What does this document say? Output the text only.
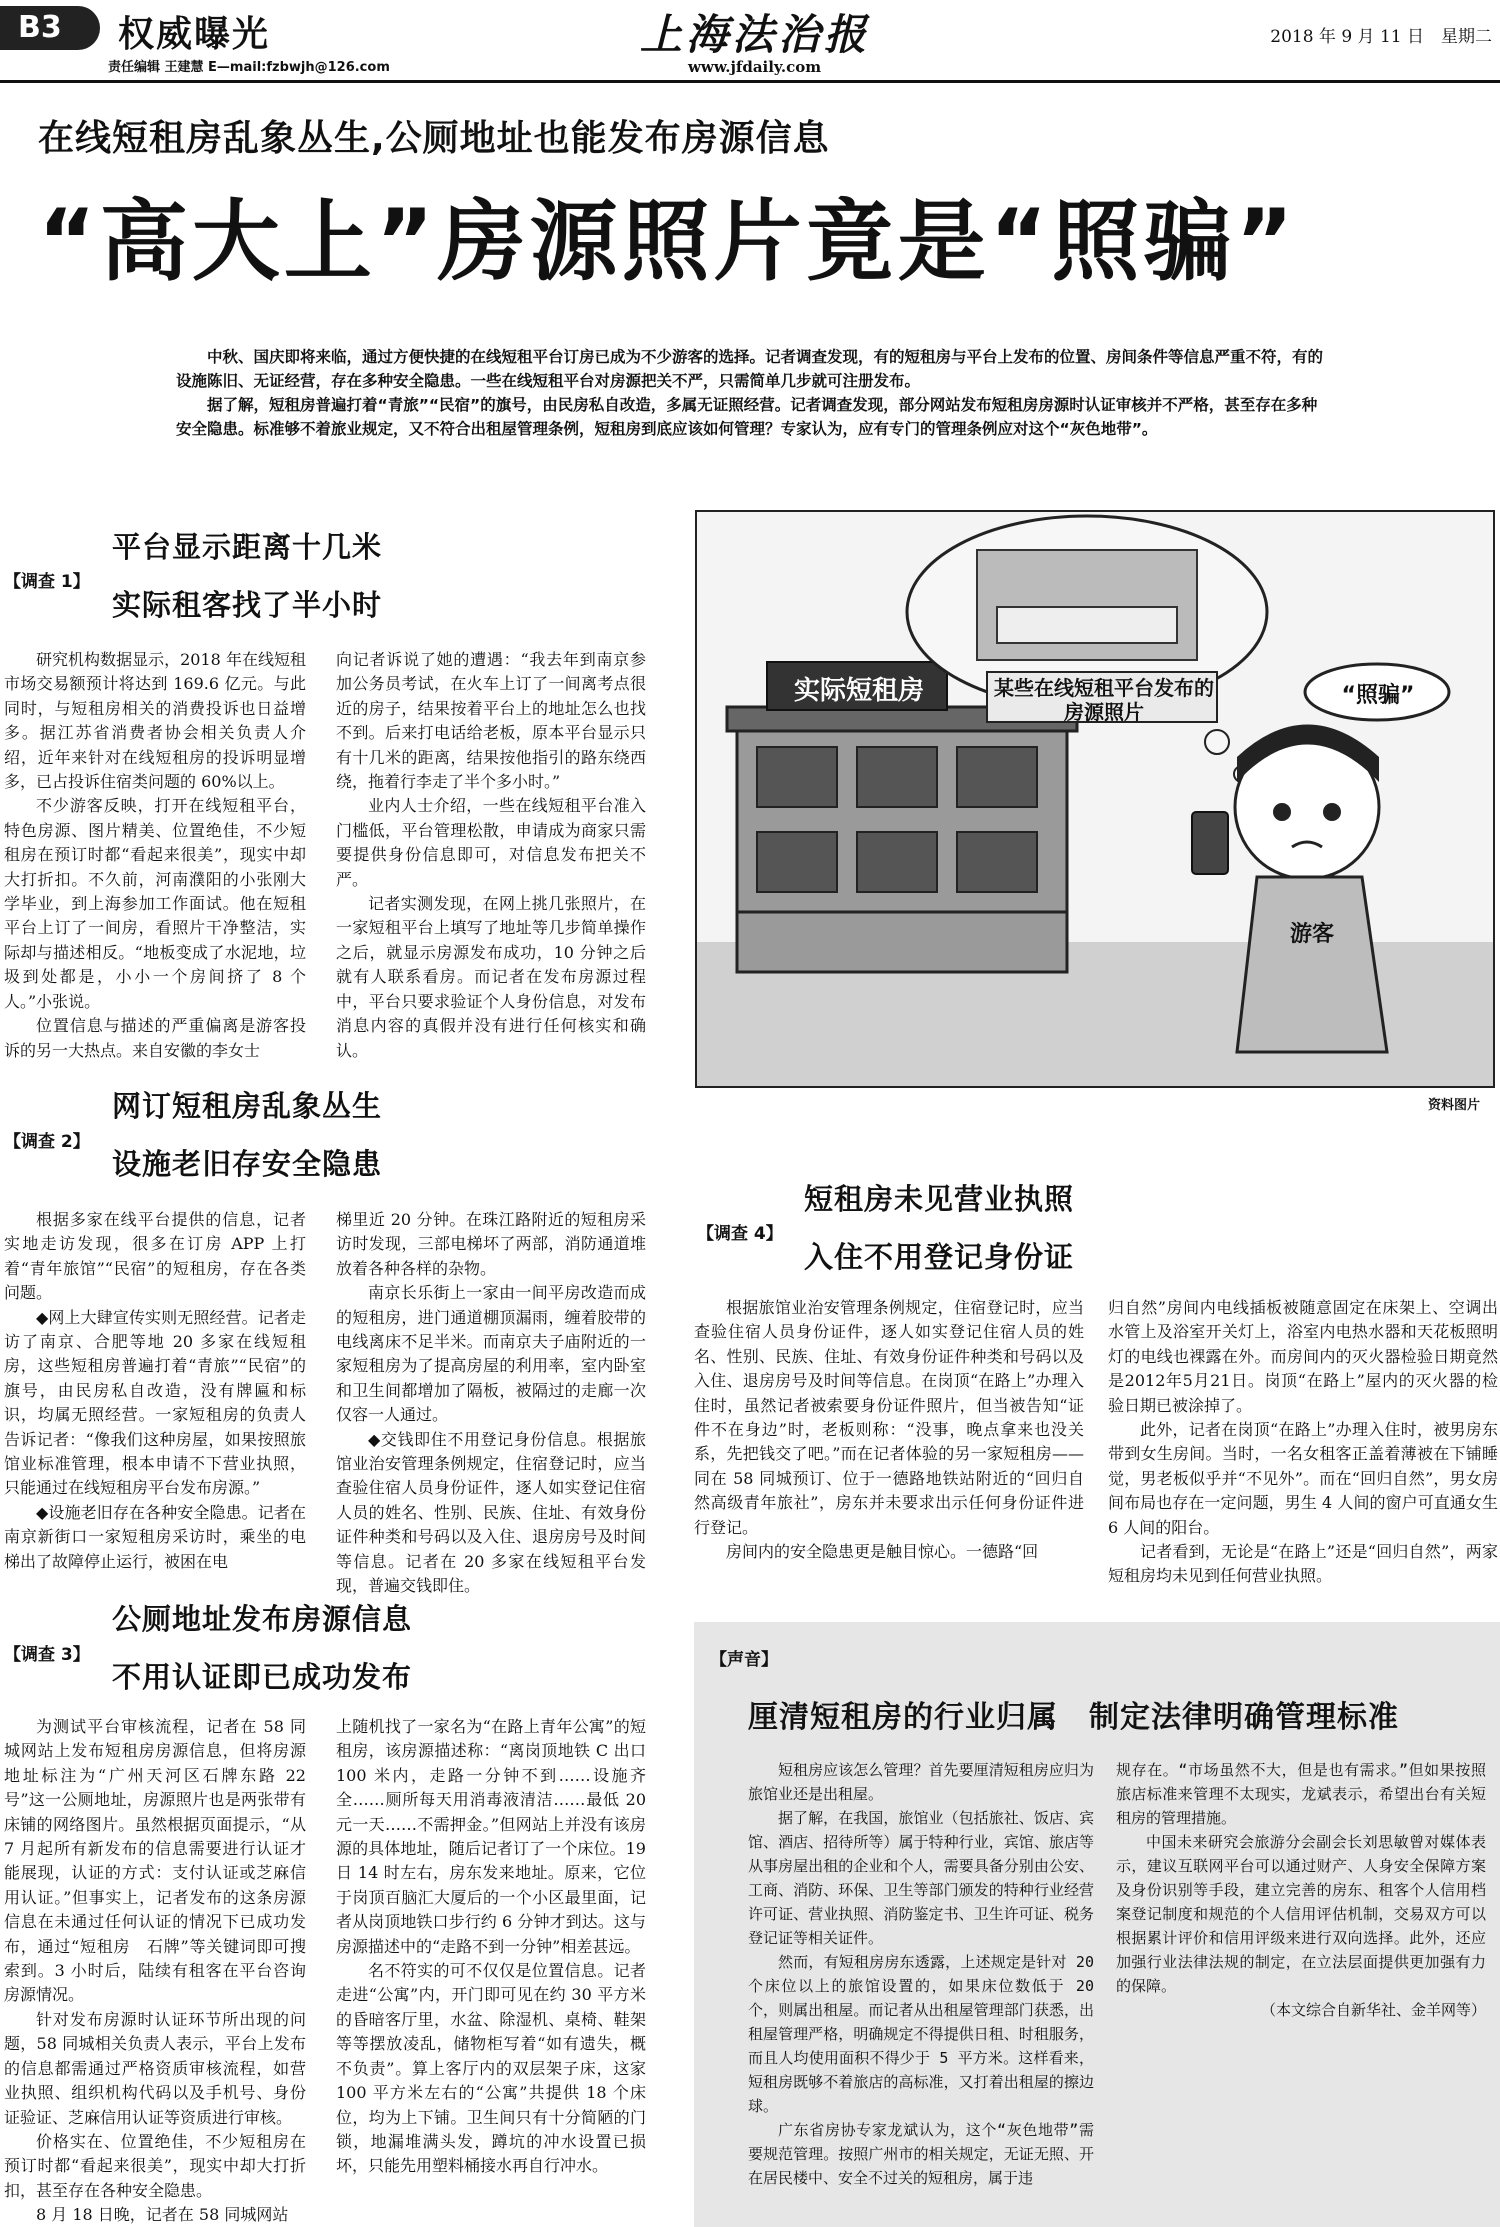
B3	权威曝光
责任编辑 王建慧 E—mail:fzbwjh@126.com
上海法治报
www.jfdaily.com
2018 年 9 月 11 日　星期二
在线短租房乱象丛生,公厕地址也能发布房源信息
“高大上”房源照片竟是“照骗”

中秋、国庆即将来临，通过方便快捷的在线短租平台订房已成为不少游客的选择。记者调查发现，有的短租房与平台上发布的位置、房间条件等信息严重不符，有的设施陈旧、无证经营，存在多种安全隐患。一些在线短租平台对房源把关不严，只需简单几步就可注册发布。

据了解，短租房普遍打着“青旅”“民宿”的旗号，由民房私自改造，多属无证照经营。记者调查发现，部分网站发布短租房房源时认证审核并不严格，甚至存在多种安全隐患。标准够不着旅业规定，又不符合出租屋管理条例，短租房到底应该如何管理？专家认为，应有专门的管理条例应对这个“灰色地带”。

【调查 1】
平台显示距离十几米
实际租客找了半小时

研究机构数据显示，2018 年在线短租市场交易额预计将达到 169.6 亿元。与此同时，与短租房相关的消费投诉也日益增多。据江苏省消费者协会相关负责人介绍，近年来针对在线短租房的投诉明显增多，已占投诉住宿类问题的 60%以上。

不少游客反映，打开在线短租平台，特色房源、图片精美、位置绝佳，不少短租房在预订时都“看起来很美”，现实中却大打折扣。不久前，河南濮阳的小张刚大学毕业，到上海参加工作面试。他在短租平台上订了一间房，看照片干净整洁，实际却与描述相反。“地板变成了水泥地，垃圾到处都是，小小一个房间挤了 8 个人。”小张说。

位置信息与描述的严重偏离是游客投诉的另一大热点。来自安徽的李女士

向记者诉说了她的遭遇：“我去年到南京参加公务员考试，在火车上订了一间离考点很近的房子，结果按着平台上的地址怎么也找不到。后来打电话给老板，原本平台显示只有十几米的距离，结果按他指引的路东绕西绕，拖着行李走了半个多小时。”

业内人士介绍，一些在线短租平台准入门槛低，平台管理松散，申请成为商家只需要提供身份信息即可，对信息发布把关不严。

记者实测发现，在网上挑几张照片，在一家短租平台上填写了地址等几步简单操作之后，就显示房源发布成功，10 分钟之后就有人联系看房。而记者在发布房源过程中，平台只要求验证个人身份信息，对发布消息内容的真假并没有进行任何核实和确认。

【调查 2】
网订短租房乱象丛生
设施老旧存安全隐患

根据多家在线平台提供的信息，记者实地走访发现，很多在订房 APP 上打着“青年旅馆”“民宿”的短租房，存在各类问题。

◆网上大肆宣传实则无照经营。记者走访了南京、合肥等地 20 多家在线短租房，这些短租房普遍打着“青旅”“民宿”的旗号，由民房私自改造，没有牌匾和标识，均属无照经营。一家短租房的负责人告诉记者：“像我们这种房屋，如果按照旅馆业标准管理，根本申请不下营业执照，只能通过在线短租房平台发布房源。”

◆设施老旧存在各种安全隐患。记者在南京新街口一家短租房采访时，乘坐的电梯出了故障停止运行，被困在电

梯里近 20 分钟。在珠江路附近的短租房采访时发现，三部电梯坏了两部，消防通道堆放着各种各样的杂物。

南京长乐街上一家由一间平房改造而成的短租房，进门通道棚顶漏雨，缠着胶带的电线离床不足半米。而南京夫子庙附近的一家短租房为了提高房屋的利用率，室内卧室和卫生间都增加了隔板，被隔过的走廊一次仅容一人通过。

◆交钱即住不用登记身份信息。根据旅馆业治安管理条例规定，住宿登记时，应当查验住宿人员身份证件，逐人如实登记住宿人员的姓名、性别、民族、住址、有效身份证件种类和号码以及入住、退房房号及时间等信息。记者在 20 多家在线短租平台发现，普遍交钱即住。

【调查 3】
公厕地址发布房源信息
不用认证即已成功发布

为测试平台审核流程，记者在 58 同城网站上发布短租房房源信息，但将房源地址标注为“广州天河区石牌东路 22 号”这一公厕地址，房源照片也是两张带有床铺的网络图片。虽然根据页面提示，“从 7 月起所有新发布的信息需要进行认证才能展现，认证的方式：支付认证或芝麻信用认证。”但事实上，记者发布的这条房源信息在未通过任何认证的情况下已成功发布，通过“短租房　石牌”等关键词即可搜索到。3 小时后，陆续有租客在平台咨询房源情况。

针对发布房源时认证环节所出现的问题，58 同城相关负责人表示，平台上发布的信息都需通过严格资质审核流程，如营业执照、组织机构代码以及手机号、身份证验证、芝麻信用认证等资质进行审核。

价格实在、位置绝佳，不少短租房在预订时都“看起来很美”，现实中却大打折扣，甚至存在各种安全隐患。

8 月 18 日晚，记者在 58 同城网站

上随机找了一家名为“在路上青年公寓”的短租房，该房源描述称：“离岗顶地铁 C 出口 100 米内，走路一分钟不到……设施齐全……厕所每天用消毒液清洁……最低 20 元一天……不需押金。”但网站上并没有该房源的具体地址，随后记者订了一个床位。19 日 14 时左右，房东发来地址。原来，它位于岗顶百脑汇大厦后的一个小区最里面，记者从岗顶地铁口步行约 6 分钟才到达。这与房源描述中的“走路不到一分钟”相差甚远。

名不符实的可不仅仅是位置信息。记者走进“公寓”内，开门即可见在约 30 平方米的昏暗客厅里，水盆、除湿机、桌椅、鞋架等等摆放凌乱，储物柜写着“如有遗失，概不负责”。算上客厅内的双层架子床，这家 100 平方米左右的“公寓”共提供 18 个床位，均为上下铺。卫生间只有十分简陋的门锁，地漏堆满头发，蹲坑的冲水设置已损坏，只能先用塑料桶接水再自行冲水。

某些在线短租平台发布的房源照片
实际短租房	“照骗”
游客
资料图片
【调查 4】
短租房未见营业执照
入住不用登记身份证

根据旅馆业治安管理条例规定，住宿登记时，应当查验住宿人员身份证件，逐人如实登记住宿人员的姓名、性别、民族、住址、有效身份证件种类和号码以及入住、退房房号及时间等信息。在岗顶“在路上”办理入住时，虽然记者被索要身份证件照片，但当被告知“证件不在身边”时，老板则称：“没事，晚点拿来也没关系，先把钱交了吧。”而在记者体验的另一家短租房——同在 58 同城预订、位于一德路地铁站附近的“回归自然高级青年旅社”，房东并未要求出示任何身份证件进行登记。

房间内的安全隐患更是触目惊心。一德路“回

归自然”房间内电线插板被随意固定在床架上、空调出水管上及浴室开关灯上，浴室内电热水器和天花板照明灯的电线也裸露在外。而房间内的灭火器检验日期竟然是2012年5月21日。岗顶“在路上”屋内的灭火器的检验日期已被涂掉了。

此外，记者在岗顶“在路上”办理入住时，被男房东带到女生房间。当时，一名女租客正盖着薄被在下铺睡觉，男老板似乎并“不见外”。而在“回归自然”，男女房间布局也存在一定问题，男生 4 人间的窗户可直通女生 6 人间的阳台。

记者看到，无论是“在路上”还是“回归自然”，两家短租房均未见到任何营业执照。

【声音】
厘清短租房的行业归属　制定法律明确管理标准

短租房应该怎么管理？首先要厘清短租房应归为旅馆业还是出租屋。

据了解，在我国，旅馆业（包括旅社、饭店、宾馆、酒店、招待所等）属于特种行业，宾馆、旅店等从事房屋出租的企业和个人，需要具备分别由公安、工商、消防、环保、卫生等部门颁发的特种行业经营许可证、营业执照、消防鉴定书、卫生许可证、税务登记证等相关证件。

然而，有短租房房东透露，上述规定是针对 20 个床位以上的旅馆设置的，如果床位数低于 20 个，则属出租屋。而记者从出租屋管理部门获悉，出租屋管理严格，明确规定不得提供日租、时租服务，而且人均使用面积不得少于 5 平方米。这样看来，短租房既够不着旅店的高标准，又打着出租屋的擦边球。

广东省房协专家龙斌认为，这个“灰色地带”需要规范管理。按照广州市的相关规定，无证无照、开在居民楼中、安全不过关的短租房，属于违

规存在。“市场虽然不大，但是也有需求。”但如果按照旅店标准来管理不太现实，龙斌表示，希望出台有关短租房的管理措施。

中国未来研究会旅游分会副会长刘思敏曾对媒体表示，建议互联网平台可以通过财产、人身安全保障方案及身份识别等手段，建立完善的房东、租客个人信用档案登记制度和规范的个人信用评估机制，交易双方可以根据累计评价和信用评级来进行双向选择。此外，还应加强行业法律法规的制定，在立法层面提供更加强有力的保障。

（本文综合自新华社、金羊网等）
